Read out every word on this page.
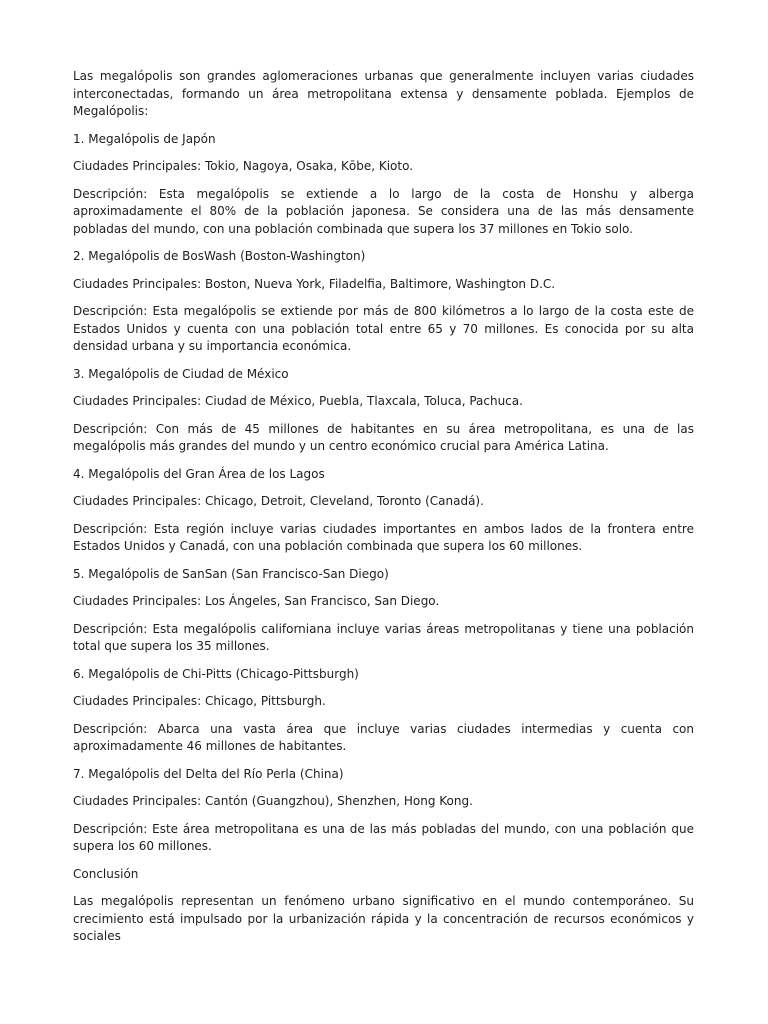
Las megalópolis son grandes aglomeraciones urbanas que generalmente incluyen varias ciudades interconectadas, formando un área metropolitana extensa y densamente poblada. Ejemplos de Megalópolis:

1. Megalópolis de Japón

Ciudades Principales: Tokio, Nagoya, Osaka, Kōbe, Kioto.

Descripción: Esta megalópolis se extiende a lo largo de la costa de Honshu y alberga aproximadamente el 80% de la población japonesa. Se considera una de las más densamente pobladas del mundo, con una población combinada que supera los 37 millones en Tokio solo.

2. Megalópolis de BosWash (Boston-Washington)

Ciudades Principales: Boston, Nueva York, Filadelfia, Baltimore, Washington D.C.

Descripción: Esta megalópolis se extiende por más de 800 kilómetros a lo largo de la costa este de Estados Unidos y cuenta con una población total entre 65 y 70 millones. Es conocida por su alta densidad urbana y su importancia económica.

3. Megalópolis de Ciudad de México

Ciudades Principales: Ciudad de México, Puebla, Tlaxcala, Toluca, Pachuca.

Descripción: Con más de 45 millones de habitantes en su área metropolitana, es una de las megalópolis más grandes del mundo y un centro económico crucial para América Latina.

4. Megalópolis del Gran Área de los Lagos

Ciudades Principales: Chicago, Detroit, Cleveland, Toronto (Canadá).

Descripción: Esta región incluye varias ciudades importantes en ambos lados de la frontera entre Estados Unidos y Canadá, con una población combinada que supera los 60 millones.

5. Megalópolis de SanSan (San Francisco-San Diego)

Ciudades Principales: Los Ángeles, San Francisco, San Diego.

Descripción: Esta megalópolis californiana incluye varias áreas metropolitanas y tiene una población total que supera los 35 millones.

6. Megalópolis de Chi-Pitts (Chicago-Pittsburgh)

Ciudades Principales: Chicago, Pittsburgh.

Descripción: Abarca una vasta área que incluye varias ciudades intermedias y cuenta con aproximadamente 46 millones de habitantes.

7. Megalópolis del Delta del Río Perla (China)

Ciudades Principales: Cantón (Guangzhou), Shenzhen, Hong Kong.

Descripción: Este área metropolitana es una de las más pobladas del mundo, con una población que supera los 60 millones.

Conclusión

Las megalópolis representan un fenómeno urbano significativo en el mundo contemporáneo. Su crecimiento está impulsado por la urbanización rápida y la concentración de recursos económicos y sociales
